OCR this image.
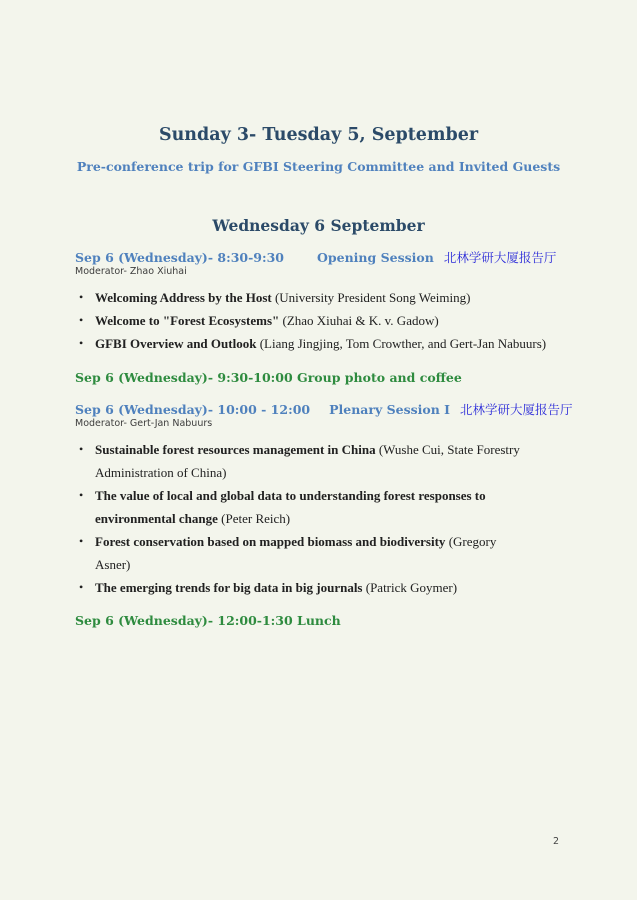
Sunday 3- Tuesday 5, September
Pre-conference trip for GFBI Steering Committee and Invited Guests
Wednesday 6 September
Sep 6 (Wednesday)- 8:30-9:30	Opening Session 北林学研大厦报告厅
Moderator- Zhao Xiuhai
• Welcoming Address by the Host (University President Song Weiming)
• Welcome to "Forest Ecosystems" (Zhao Xiuhai & K. v. Gadow)
• GFBI Overview and Outlook (Liang Jingjing, Tom Crowther, and Gert-Jan Nabuurs)
Sep 6 (Wednesday)- 9:30-10:00 Group photo and coffee
Sep 6 (Wednesday)- 10:00 - 12:00 Plenary Session I 北林学研大厦报告厅
Moderator- Gert-Jan Nabuurs
• Sustainable forest resources management in China (Wushe Cui, State Forestry Administration of China)
• The value of local and global data to understanding forest responses to environmental change (Peter Reich)
• Forest conservation based on mapped biomass and biodiversity (Gregory Asner)
• The emerging trends for big data in big journals (Patrick Goymer)
Sep 6 (Wednesday)- 12:00-1:30 Lunch
2
